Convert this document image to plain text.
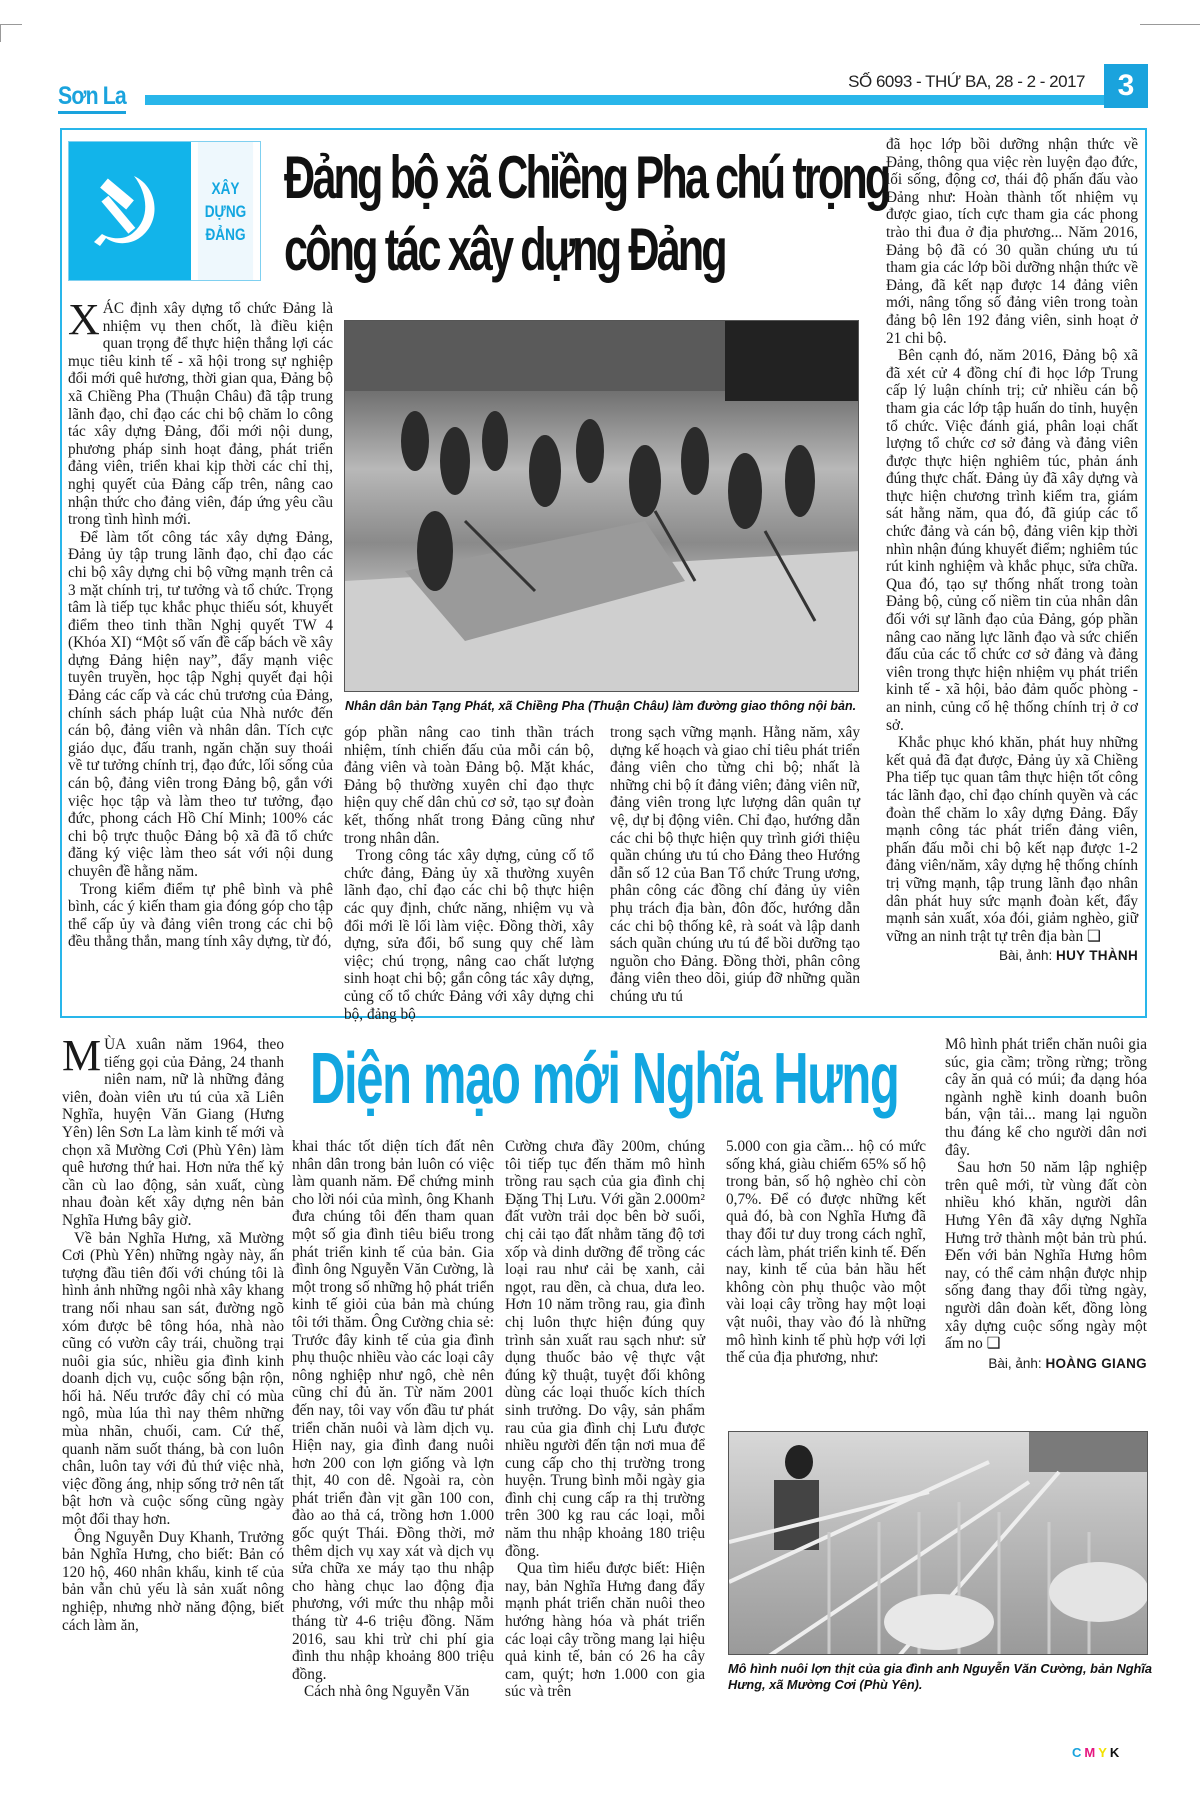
Sơn La
SỐ 6093 - THỨ BA, 28 - 2 - 2017	3
XÂY
DỰNG
ĐẢNG
Đảng bộ xã Chiềng Pha chú trọng
công tác xây dựng Đảng

XÁC định xây dựng tổ chức Đảng là nhiệm vụ then chốt, là điều kiện quan trọng để thực hiện thắng lợi các mục tiêu kinh tế - xã hội trong sự nghiệp đổi mới quê hương, thời gian qua, Đảng bộ xã Chiềng Pha (Thuận Châu) đã tập trung lãnh đạo, chỉ đạo các chi bộ chăm lo công tác xây dựng Đảng, đổi mới nội dung, phương pháp sinh hoạt đảng, phát triển đảng viên, triển khai kịp thời các chỉ thị, nghị quyết của Đảng cấp trên, nâng cao nhận thức cho đảng viên, đáp ứng yêu cầu trong tình hình mới.

Để làm tốt công tác xây dựng Đảng, Đảng ủy tập trung lãnh đạo, chỉ đạo các chi bộ xây dựng chi bộ vững mạnh trên cả 3 mặt chính trị, tư tưởng và tổ chức. Trọng tâm là tiếp tục khắc phục thiếu sót, khuyết điểm theo tinh thần Nghị quyết TW 4 (Khóa XI) “Một số vấn đề cấp bách về xây dựng Đảng hiện nay”, đẩy mạnh việc tuyên truyền, học tập Nghị quyết đại hội Đảng các cấp và các chủ trương của Đảng, chính sách pháp luật của Nhà nước đến cán bộ, đảng viên và nhân dân. Tích cực giáo dục, đấu tranh, ngăn chặn suy thoái về tư tưởng chính trị, đạo đức, lối sống của cán bộ, đảng viên trong Đảng bộ, gắn với việc học tập và làm theo tư tưởng, đạo đức, phong cách Hồ Chí Minh; 100% các chi bộ trực thuộc Đảng bộ xã đã tổ chức đăng ký việc làm theo sát với nội dung chuyên đề hằng năm.

Trong kiểm điểm tự phê bình và phê bình, các ý kiến tham gia đóng góp cho tập thể cấp ủy và đảng viên trong các chi bộ đều thẳng thắn, mang tính xây dựng, từ đó,

Nhân dân bản Tạng Phát, xã Chiềng Pha (Thuận Châu) làm đường giao thông nội bản.

góp phần nâng cao tinh thần trách nhiệm, tính chiến đấu của mỗi cán bộ, đảng viên và toàn Đảng bộ. Mặt khác, Đảng bộ thường xuyên chỉ đạo thực hiện quy chế dân chủ cơ sở, tạo sự đoàn kết, thống nhất trong Đảng cũng như trong nhân dân.

Trong công tác xây dựng, củng cố tổ chức đảng, Đảng ủy xã thường xuyên lãnh đạo, chỉ đạo các chi bộ thực hiện các quy định, chức năng, nhiệm vụ và đổi mới lề lối làm việc. Đồng thời, xây dựng, sửa đổi, bổ sung quy chế làm việc; chú trọng, nâng cao chất lượng sinh hoạt chi bộ; gắn công tác xây dựng, củng cố tổ chức Đảng với xây dựng chi bộ, đảng bộ

trong sạch vững mạnh. Hằng năm, xây dựng kế hoạch và giao chỉ tiêu phát triển đảng viên cho từng chi bộ; nhất là những chi bộ ít đảng viên; đảng viên nữ, đảng viên trong lực lượng dân quân tự vệ, dự bị động viên. Chỉ đạo, hướng dẫn các chi bộ thực hiện quy trình giới thiệu quần chúng ưu tú cho Đảng theo Hướng dẫn số 12 của Ban Tổ chức Trung ương, phân công các đồng chí đảng ủy viên phụ trách địa bàn, đôn đốc, hướng dẫn các chi bộ thống kê, rà soát và lập danh sách quần chúng ưu tú để bồi dưỡng tạo nguồn cho Đảng. Đồng thời, phân công đảng viên theo dõi, giúp đỡ những quần chúng ưu tú

đã học lớp bồi dưỡng nhận thức về Đảng, thông qua việc rèn luyện đạo đức, lối sống, động cơ, thái độ phấn đấu vào Đảng như: Hoàn thành tốt nhiệm vụ được giao, tích cực tham gia các phong trào thi đua ở địa phương... Năm 2016, Đảng bộ đã có 30 quần chúng ưu tú tham gia các lớp bồi dưỡng nhận thức về Đảng, đã kết nạp được 14 đảng viên mới, nâng tổng số đảng viên trong toàn đảng bộ lên 192 đảng viên, sinh hoạt ở 21 chi bộ.

Bên cạnh đó, năm 2016, Đảng bộ xã đã xét cử 4 đồng chí đi học lớp Trung cấp lý luận chính trị; cử nhiều cán bộ tham gia các lớp tập huấn do tỉnh, huyện tổ chức. Việc đánh giá, phân loại chất lượng tổ chức cơ sở đảng và đảng viên được thực hiện nghiêm túc, phản ánh đúng thực chất. Đảng ủy đã xây dựng và thực hiện chương trình kiểm tra, giám sát hằng năm, qua đó, đã giúp các tổ chức đảng và cán bộ, đảng viên kịp thời nhìn nhận đúng khuyết điểm; nghiêm túc rút kinh nghiệm và khắc phục, sửa chữa. Qua đó, tạo sự thống nhất trong toàn Đảng bộ, củng cố niềm tin của nhân dân đối với sự lãnh đạo của Đảng, góp phần nâng cao năng lực lãnh đạo và sức chiến đấu của các tổ chức cơ sở đảng và đảng viên trong thực hiện nhiệm vụ phát triển kinh tế - xã hội, bảo đảm quốc phòng - an ninh, củng cố hệ thống chính trị ở cơ sở.

Khắc phục khó khăn, phát huy những kết quả đã đạt được, Đảng ủy xã Chiềng Pha tiếp tục quan tâm thực hiện tốt công tác lãnh đạo, chỉ đạo chính quyền và các đoàn thể chăm lo xây dựng Đảng. Đẩy mạnh công tác phát triển đảng viên, phấn đấu mỗi chi bộ kết nạp được 1-2 đảng viên/năm, xây dựng hệ thống chính trị vững mạnh, tập trung lãnh đạo nhân dân phát huy sức mạnh đoàn kết, đẩy mạnh sản xuất, xóa đói, giảm nghèo, giữ vững an ninh trật tự trên địa bàn ❑

Bài, ảnh: HUY THÀNH

MÙA xuân năm 1964, theo tiếng gọi của Đảng, 24 thanh niên nam, nữ là những đảng viên, đoàn viên ưu tú của xã Liên Nghĩa, huyện Văn Giang (Hưng Yên) lên Sơn La làm kinh tế mới và chọn xã Mường Cơi (Phù Yên) làm quê hương thứ hai. Hơn nửa thế kỷ cần cù lao động, sản xuất, cùng nhau đoàn kết xây dựng nên bản Nghĩa Hưng bây giờ.

Về bản Nghĩa Hưng, xã Mường Cơi (Phù Yên) những ngày này, ấn tượng đầu tiên đối với chúng tôi là hình ảnh những ngôi nhà xây khang trang nối nhau san sát, đường ngõ xóm được bê tông hóa, nhà nào cũng có vườn cây trái, chuồng trại nuôi gia súc, nhiều gia đình kinh doanh dịch vụ, cuộc sống bận rộn, hối hả. Nếu trước đây chỉ có mùa ngô, mùa lúa thì nay thêm những mùa nhãn, chuối, cam. Cứ thế, quanh năm suốt tháng, bà con luôn chân, luôn tay với đủ thứ việc nhà, việc đồng áng, nhịp sống trở nên tất bật hơn và cuộc sống cũng ngày một đổi thay hơn.

Ông Nguyễn Duy Khanh, Trưởng bản Nghĩa Hưng, cho biết: Bản có 120 hộ, 460 nhân khẩu, kinh tế của bản vẫn chủ yếu là sản xuất nông nghiệp, nhưng nhờ năng động, biết cách làm ăn,

Diện mạo mới Nghĩa Hưng

khai thác tốt diện tích đất nên nhân dân trong bản luôn có việc làm quanh năm. Để chứng minh cho lời nói của mình, ông Khanh đưa chúng tôi đến tham quan một số gia đình tiêu biểu trong phát triển kinh tế của bản. Gia đình ông Nguyễn Văn Cường, là một trong số những hộ phát triển kinh tế giỏi của bản mà chúng tôi tới thăm. Ông Cường chia sẻ: Trước đây kinh tế của gia đình phụ thuộc nhiều vào các loại cây nông nghiệp như ngô, chè nên cũng chỉ đủ ăn. Từ năm 2001 đến nay, tôi vay vốn đầu tư phát triển chăn nuôi và làm dịch vụ. Hiện nay, gia đình đang nuôi hơn 200 con lợn giống và lợn thịt, 40 con dê. Ngoài ra, còn phát triển đàn vịt gần 100 con, đào ao thả cá, trồng hơn 1.000 gốc quýt Thái. Đồng thời, mở thêm dịch vụ xay xát và dịch vụ sửa chữa xe máy tạo thu nhập cho hàng chục lao động địa phương, với mức thu nhập mỗi tháng từ 4-6 triệu đồng. Năm 2016, sau khi trừ chi phí gia đình thu nhập khoảng 800 triệu đồng.

Cách nhà ông Nguyễn Văn

Cường chưa đầy 200m, chúng tôi tiếp tục đến thăm mô hình trồng rau sạch của gia đình chị Đặng Thị Lưu. Với gần 2.000m² đất vườn trải dọc bên bờ suối, chị cải tạo đất nhằm tăng độ tơi xốp và dinh dưỡng để trồng các loại rau như cải bẹ xanh, cải ngọt, rau dền, cà chua, dưa leo. Hơn 10 năm trồng rau, gia đình chị luôn thực hiện đúng quy trình sản xuất rau sạch như: sử dụng thuốc bảo vệ thực vật đúng kỹ thuật, tuyệt đối không dùng các loại thuốc kích thích sinh trưởng. Do vậy, sản phẩm rau của gia đình chị Lưu được nhiều người đến tận nơi mua để cung cấp cho thị trường trong huyện. Trung bình mỗi ngày gia đình chị cung cấp ra thị trường trên 300 kg rau các loại, mỗi năm thu nhập khoảng 180 triệu đồng.

Qua tìm hiểu được biết: Hiện nay, bản Nghĩa Hưng đang đẩy mạnh phát triển chăn nuôi theo hướng hàng hóa và phát triển các loại cây trồng mang lại hiệu quả kinh tế, bản có 26 ha cây cam, quýt; hơn 1.000 con gia súc và trên

5.000 con gia cầm... hộ có mức sống khá, giàu chiếm 65% số hộ trong bản, số hộ nghèo chỉ còn 0,7%. Để có được những kết quả đó, bà con Nghĩa Hưng đã thay đổi tư duy trong cách nghĩ, cách làm, phát triển kinh tế. Đến nay, kinh tế của bản hầu hết không còn phụ thuộc vào một vài loại cây trồng hay một loại vật nuôi, thay vào đó là những mô hình kinh tế phù hợp với lợi thế của địa phương, như:

Mô hình phát triển chăn nuôi gia súc, gia cầm; trồng rừng; trồng cây ăn quả có múi; đa dạng hóa ngành nghề kinh doanh buôn bán, vận tải... mang lại nguồn thu đáng kể cho người dân nơi đây.

Sau hơn 50 năm lập nghiệp trên quê mới, từ vùng đất còn nhiều khó khăn, người dân Hưng Yên đã xây dựng Nghĩa Hưng trở thành một bản trù phú. Đến với bản Nghĩa Hưng hôm nay, có thể cảm nhận được nhịp sống đang thay đổi từng ngày, người dân đoàn kết, đồng lòng xây dựng cuộc sống ngày một ấm no ❑

Bài, ảnh: HOÀNG GIANG

Mô hình nuôi lợn thịt của gia đình anh Nguyễn Văn Cường, bản Nghĩa Hưng, xã Mường Cơi (Phù Yên).
CMYK
